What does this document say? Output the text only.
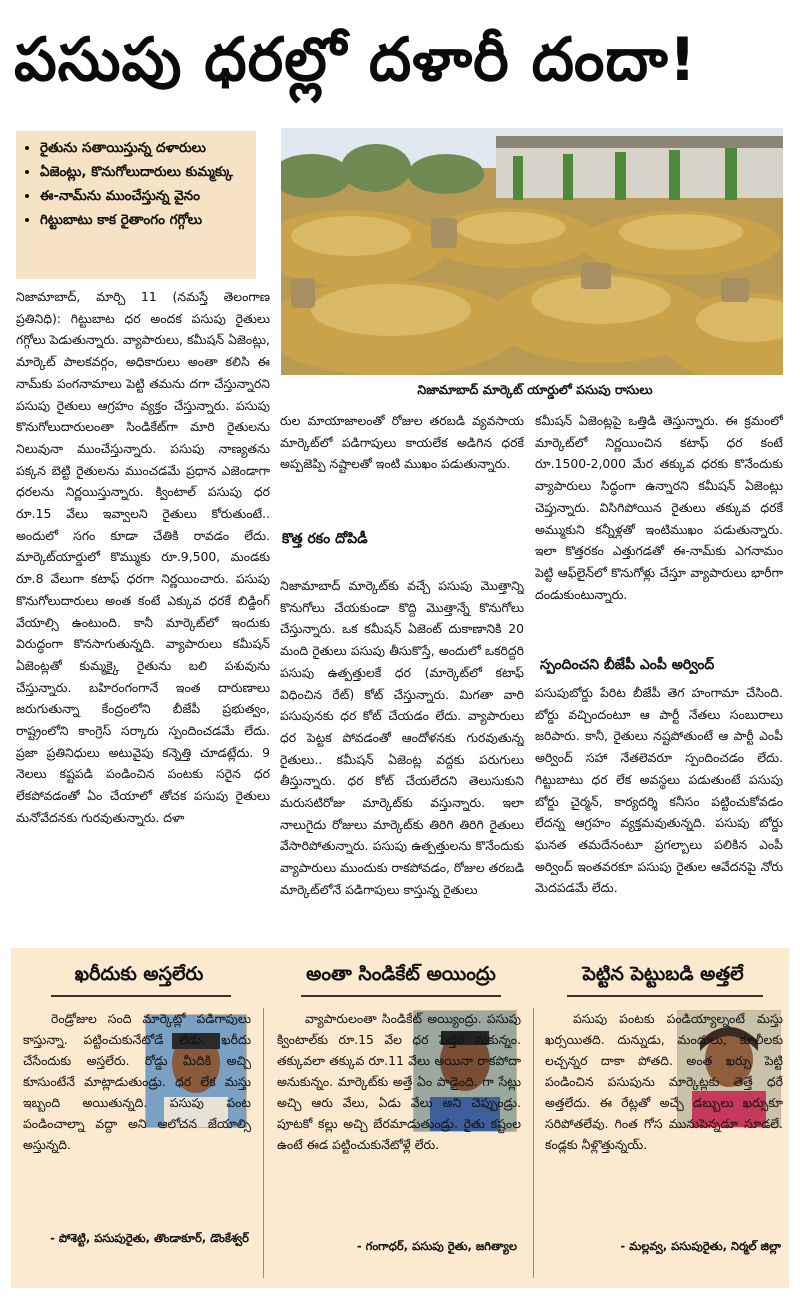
పసుపు ధరల్లో దళారీ దందా!
• రైతును సతాయిస్తున్న దళారులు
• ఏజెంట్లు, కొనుగోలుదారులు కుమ్మక్కు
• ఈ-నామ్‌ను ముంచేస్తున్న వైనం
• గిట్టుబాటు కాక రైతాంగం గగ్గోలు
నిజామాబాద్ మార్కెట్ యార్డులో పసుపు రాసులు

నిజామాబాద్, మార్చి 11 (నమస్తే తెలంగాణ ప్రతినిధి): గిట్టుబాట ధర అందక పసుపు రైతులు గగ్గోలు పెడుతున్నారు. వ్యాపారులు, కమీషన్ ఏజెంట్లు, మార్కెట్ పాలకవర్గం, అధికారులు అంతా కలిసి ఈ నామ్‌కు పంగనామాలు పెట్టి తమను దగా చేస్తున్నారని పసుపు రైతులు ఆగ్రహం వ్యక్తం చేస్తున్నారు. పసుపు కొనుగోలుదారులంతా సిండికేట్‌గా మారి రైతులను నిలువునా ముంచేస్తున్నారు. పసుపు నాణ్యతను పక్కన బెట్టి రైతులను ముంచడమే ప్రధాన ఎజెండాగా ధరలను నిర్ణయిస్తున్నారు. క్వింటాల్ పసుపు ధర రూ.15 వేలు ఇవ్వాలని రైతులు కోరుతుంటే.. అందులో సగం కూడా చేతికి రావడం లేదు. మార్కెట్‌యార్డులో కొమ్ముకు రూ.9,500, మండకు రూ.8 వేలుగా కటాఫ్ ధరగా నిర్ణయించారు. పసుపు కొనుగోలుదారులు అంత కంటే ఎక్కువ ధరకే బిడ్డింగ్ వేయాల్సి ఉంటుంది. కానీ మార్కెట్‌లో ఇందుకు విరుద్ధంగా కొనసాగుతున్నది. వ్యాపారులు కమీషన్ ఏజెంట్లతో కుమ్మక్కై రైతును బలి పశువును చేస్తున్నారు. బహిరంగంగానే ఇంత దారుణాలు జరుగుతున్నా కేంద్రంలోని బీజేపీ ప్రభుత్వం, రాష్ట్రంలోని కాంగ్రెస్ సర్కారు స్పందించడమే లేదు. ప్రజా ప్రతినిధులు అటువైపు కన్నెత్తి చూడట్లేదు. 9 నెలలు కష్టపడి పండించిన పంటకు సరైన ధర లేకపోవడంతో ఏం చేయాలో తోచక పసుపు రైతులు మనోవేదనకు గురవుతున్నారు. దళా

రుల మాయాజాలంతో రోజుల తరబడి వ్యవసాయ మార్కెట్‌లో పడిగాపులు కాయలేక అడిగిన ధరకే అప్పజెప్పి నష్టాలతో ఇంటి ముఖం పడుతున్నారు.

కొత్త రకం దోపిడీ

నిజామాబాద్ మార్కెట్‌కు వచ్చే పసుపు మొత్తాన్ని కొనుగోలు చేయకుండా కొద్ది మొత్తాన్నే కొనుగోలు చేస్తున్నారు. ఒక కమీషన్ ఏజెంట్ దుకాణానికి 20 మంది రైతులు పసుపు తీసుకొస్తే, అందులో ఒకరిద్దరి పసుపు ఉత్పత్తులకే ధర (మార్కెట్‌లో కటాఫ్ విధించిన రేట్) కోట్ చేస్తున్నారు. మిగతా వారి పసుపునకు ధర కోట్ చేయడం లేదు. వ్యాపారులు ధర పెట్టక పోవడంతో ఆందోళనకు గురవుతున్న రైతులు.. కమీషన్ ఏజెంట్ల వద్దకు పరుగులు తీస్తున్నారు. ధర కోట్ చేయలేదని తెలుసుకుని మరుసటిరోజు మార్కెట్‌కు వస్తున్నారు. ఇలా నాలుగైదు రోజులు మార్కెట్‌కు తిరిగి తిరిగి రైతులు వేసారిపోతున్నారు. పసుపు ఉత్పత్తులను కొనేందుకు వ్యాపారులు ముందుకు రాకపోవడం, రోజుల తరబడి మార్కెట్‌లోనే పడిగాపులు కాస్తున్న రైతులు

కమీషన్ ఏజెంట్లపై ఒత్తిడి తెస్తున్నారు. ఈ క్రమంలో మార్కెట్‌లో నిర్ణయించిన కటాఫ్ ధర కంటే రూ.1500-2,000 మేర తక్కువ ధరకు కొనేందుకు వ్యాపారులు సిద్ధంగా ఉన్నారని కమీషన్ ఏజెంట్లు చెప్తున్నారు. విసిగిపోయిన రైతులు తక్కువ ధరకే అమ్ముకుని కన్నీళ్లతో ఇంటిముఖం పడుతున్నారు. ఇలా కొత్తరకం ఎత్తుగడతో ఈ-నామ్‌కు ఎగనామం పెట్టి ఆఫ్‌లైన్‌లో కొనుగోళ్లు చేస్తూ వ్యాపారులు భారీగా దండుకుంటున్నారు.

స్పందించని బీజేపీ ఎంపీ అర్వింద్

పసుపుబోర్డు పేరిట బీజేపీ తెగ హంగామా చేసింది. బోర్డు వచ్చిందంటూ ఆ పార్టీ నేతలు సంబురాలు జరిపారు. కానీ, రైతులు నష్టపోతుంటే ఆ పార్టీ ఎంపీ అర్వింద్ సహా నేతలెవరూ స్పందించడం లేదు. గిట్టుబాటు ధర లేక అవస్థలు పడుతుంటే పసుపు బోర్డు చైర్మన్, కార్యదర్శి కనీసం పట్టించుకోవడం లేదన్న ఆగ్రహం వ్యక్తమవుతున్నది. పసుపు బోర్డు ఘనత తమదేనంటూ ప్రగల్బాలు పలికిన ఎంపీ అర్వింద్ ఇంతవరకూ పసుపు రైతుల ఆవేదనపై నోరు మెదపడమే లేదు.

ఖరీదుకు అస్తలేరు

రెండ్రోజుల సంది మార్కెట్లో పడిగాపులు కాస్తున్నా. పట్టించుకునేటోడే లేడు. ఖరీదు చేసేందుకు అస్తలేరు. రోడ్డు మీదికి అచ్చి కూసుంటేనే మాట్లాడుతుండ్రు. ధర లేక మస్తు ఇబ్బంది అయితున్నది. పసుపు పంట పండించాల్నా వద్దా అని ఆలోచన జేయాల్సి అస్తున్నది.

- పోశెట్టి, పసుపురైతు, తొండాకూర్, డొంకేశ్వర్
అంతా సిండికేట్ అయింద్రు

వ్యాపారులంతా సిండికేట్ అయ్యింద్రు. పసుపు క్వింటాల్‌కు రూ.15 వేల ధర పెడ్తర నుకున్నం. తక్కువలా తక్కువ రూ.11 వేలు అయినా రాకపోదా అనుకున్నం. మార్కెట్‌కు అత్తే ఏం పాడైంది. గా సేట్లు అచ్చి ఆరు వేలు, ఏడు వేలు అని చెప్పుండ్రు. పూటకో కల్లు అచ్చి బేరమాడుతుండ్రు. రైతు కష్టంల ఉంటే ఈడ పట్టించుకునేటోళ్లే లేరు.

- గంగాధర్, పసుపు రైతు, జగిత్యాల
పెట్టిన పెట్టుబడి అత్తలే

పసుపు పంటకు పండియ్యాల్నంటే మస్తు ఖర్సయితది. దున్నుడు, మందులు, కూలీలకు లచ్చన్నర దాకా పోతది. అంత ఖర్సు పెట్టి పండించిన పసుపును మార్కెట్లకు తెత్తే ధరే అత్తలేదు. ఈ రేట్లతో అచ్చే డబ్బులు ఖర్సుకూ సరిపోతలేవు. గింత గోస మునుపెన్నడూ సూడలే. కండ్లకు నీళ్లొత్తున్నయ్.

- మల్లవ్వ, పసుపురైతు, నిర్మల్ జిల్లా
